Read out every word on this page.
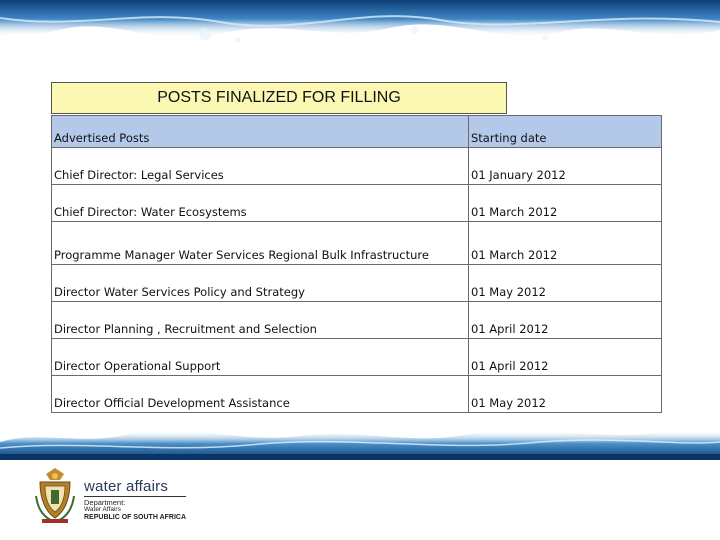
POSTS FINALIZED FOR FILLING
Advertised Posts	Starting date
Chief Director: Legal Services	01 January 2012
Chief Director: Water Ecosystems	01 March 2012
Programme Manager Water Services Regional Bulk Infrastructure	01 March 2012
Director Water Services Policy and Strategy	01 May 2012
Director Planning , Recruitment and Selection	01 April 2012
Director Operational Support	01 April 2012
Director Official Development Assistance	01 May 2012
water affairs
Department:
Water Affairs
REPUBLIC OF SOUTH AFRICA
